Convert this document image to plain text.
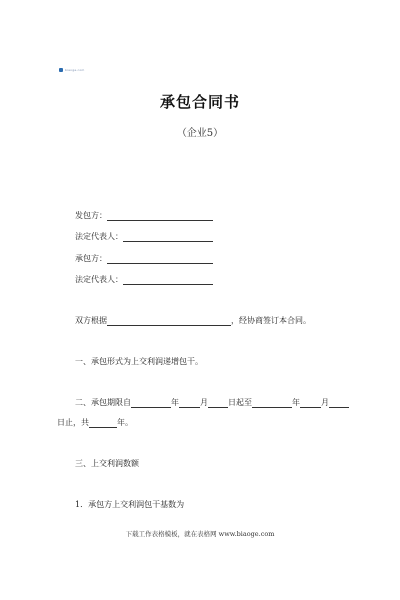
biaoge.com
承包合同书
（企业5）
发包方：
法定代表人：
承包方：
法定代表人：
双方根据	，经协商签订本合同。
一、承包形式为上交利润递增包干。
二、承包期限自	年	月	日起至	年	月
日止，共	年。
三、上交利润数额
1．承包方上交利润包干基数为
下载工作表格模板，就在表格网 www.biaoge.com
